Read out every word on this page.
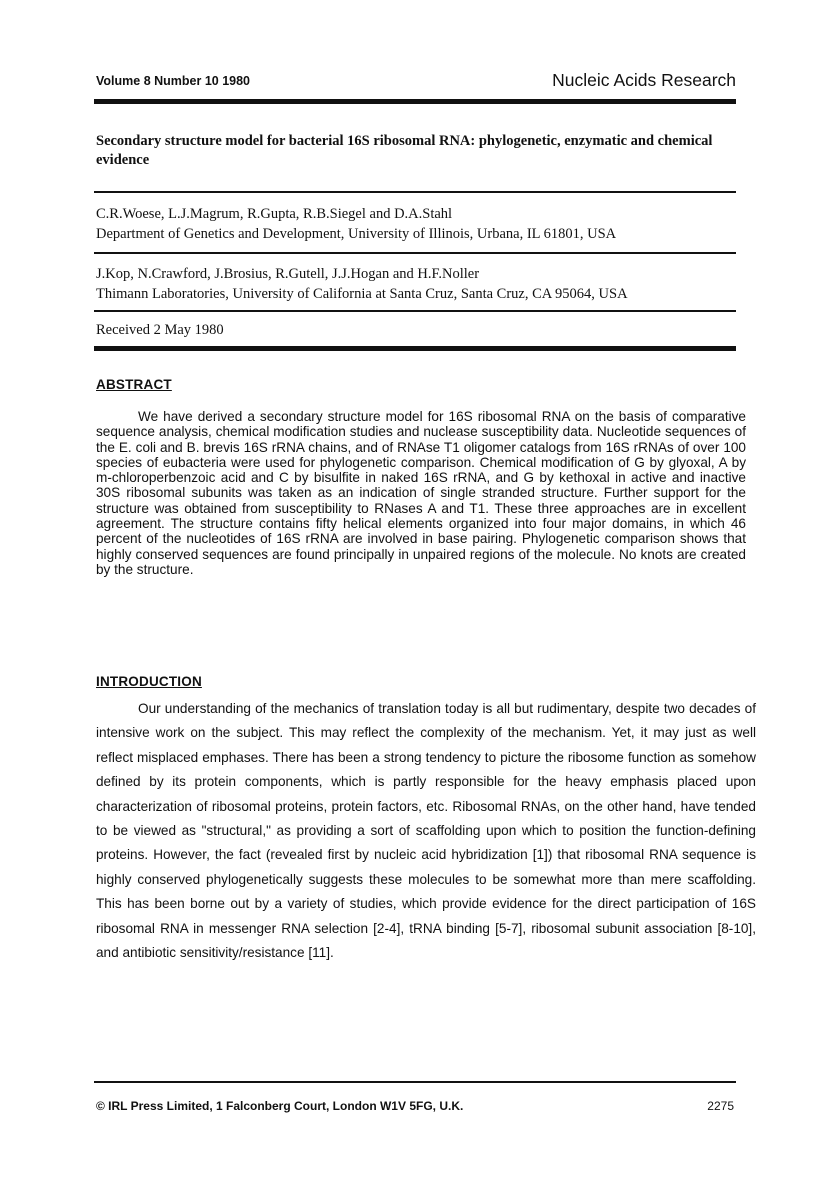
Volume 8 Number 10 1980	Nucleic Acids Research
Secondary structure model for bacterial 16S ribosomal RNA: phylogenetic, enzymatic and chemical evidence
C.R.Woese, L.J.Magrum, R.Gupta, R.B.Siegel and D.A.Stahl
Department of Genetics and Development, University of Illinois, Urbana, IL 61801, USA
J.Kop, N.Crawford, J.Brosius, R.Gutell, J.J.Hogan and H.F.Noller
Thimann Laboratories, University of California at Santa Cruz, Santa Cruz, CA 95064, USA
Received 2 May 1980
ABSTRACT

We have derived a secondary structure model for 16S ribosomal RNA on the basis of comparative sequence analysis, chemical modification studies and nuclease susceptibility data. Nucleotide sequences of the E. coli and B. brevis 16S rRNA chains, and of RNAse T1 oligomer catalogs from 16S rRNAs of over 100 species of eubacteria were used for phylogenetic comparison. Chemical modification of G by glyoxal, A by m-chloroperbenzoic acid and C by bisulfite in naked 16S rRNA, and G by kethoxal in active and inactive 30S ribosomal subunits was taken as an indication of single stranded structure. Further support for the structure was obtained from susceptibility to RNases A and T1. These three approaches are in excellent agreement. The structure contains fifty helical elements organized into four major domains, in which 46 percent of the nucleotides of 16S rRNA are involved in base pairing. Phylogenetic comparison shows that highly conserved sequences are found principally in unpaired regions of the molecule. No knots are created by the structure.

INTRODUCTION

Our understanding of the mechanics of translation today is all but rudimentary, despite two decades of intensive work on the subject. This may reflect the complexity of the mechanism. Yet, it may just as well reflect misplaced emphases. There has been a strong tendency to picture the ribosome function as somehow defined by its protein components, which is partly responsible for the heavy emphasis placed upon characterization of ribosomal proteins, protein factors, etc. Ribosomal RNAs, on the other hand, have tended to be viewed as "structural," as providing a sort of scaffolding upon which to position the function-defining proteins. However, the fact (revealed first by nucleic acid hybridization [1]) that ribosomal RNA sequence is highly conserved phylogenetically suggests these molecules to be somewhat more than mere scaffolding. This has been borne out by a variety of studies, which provide evidence for the direct participation of 16S ribosomal RNA in messenger RNA selection [2-4], tRNA binding [5-7], ribosomal subunit association [8-10], and antibiotic sensitivity/resistance [11].

© IRL Press Limited, 1 Falconberg Court, London W1V 5FG, U.K.	2275
